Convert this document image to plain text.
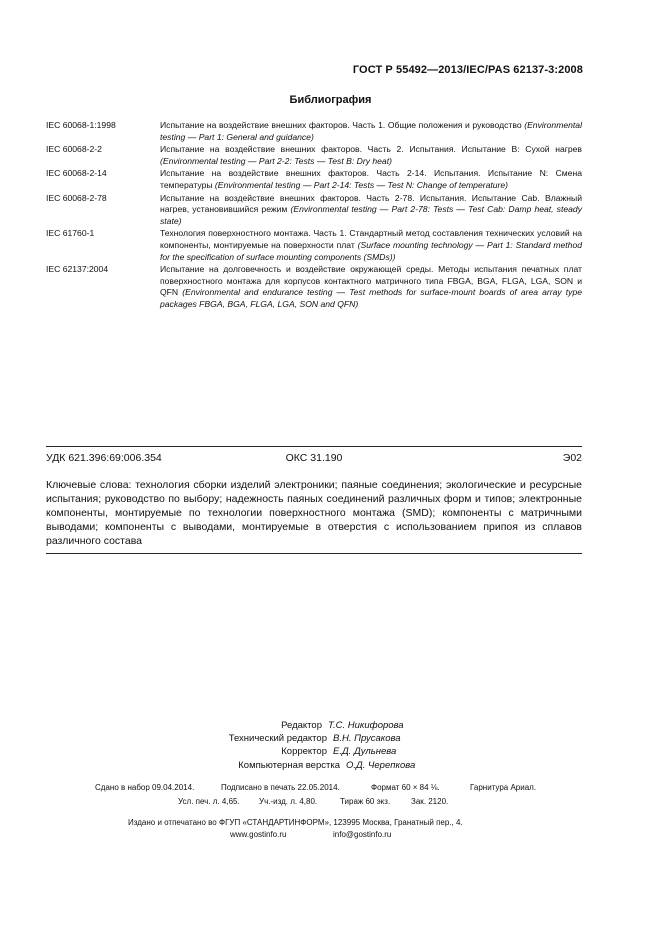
ГОСТ Р 55492—2013/IEC/PAS 62137-3:2008
Библиография
IEC 60068-1:1998	Испытание на воздействие внешних факторов. Часть 1. Общие положения и руководство (Environmental testing — Part 1: General and guidance)
IEC 60068-2-2	Испытание на воздействие внешних факторов. Часть 2. Испытания. Испытание B: Сухой нагрев (Environmental testing — Part 2-2: Tests — Test B: Dry heat)
IEC 60068-2-14	Испытание на воздействие внешних факторов. Часть 2-14. Испытания. Испытание N: Смена температуры (Environmental testing — Part 2-14: Tests — Test N: Change of temperature)
IEC 60068-2-78	Испытание на воздействие внешних факторов. Часть 2-78. Испытания. Испытание Cab. Влажный нагрев, установившийся режим (Environmental testing — Part 2-78: Tests — Test Cab: Damp heat, steady state)
IEC 61760-1	Технология поверхностного монтажа. Часть 1. Стандартный метод составления технических условий на компоненты, монтируемые на поверхности плат (Surface mounting technology — Part 1: Standard method for the specification of surface mounting components (SMDs))
IEC 62137:2004	Испытание на долговечность и воздействие окружающей среды. Методы испытания печатных плат поверхностного монтажа для корпусов контактного матричного типа FBGA, BGA, FLGA, LGA, SON и QFN (Environmental and endurance testing — Test methods for surface-mount boards of area array type packages FBGA, BGA, FLGA, LGA, SON and QFN)
УДК 621.396:69:006.354	ОКС 31.190	Э02
Ключевые слова: технология сборки изделий электроники; паяные соединения; экологические и ресурсные испытания; руководство по выбору; надежность паяных соединений различных форм и типов; электронные компоненты, монтируемые по технологии поверхностного монтажа (SMD); компоненты с матричными выводами; компоненты с выводами, монтируемые в отверстия с использованием припоя из сплавов различного состава
Редактор Т.С. Никифорова
Технический редактор В.Н. Прусакова
Корректор Е.Д. Дульнева
Компьютерная верстка О.Д. Черепкова
Сдано в набор 09.04.2014.	Подписано в печать 22.05.2014.	Формат 60 × 84 ⅛.	Гарнитура Ариал.
Усл. печ. л. 4,65. Уч.-изд. л. 4,80.	Тираж 60 экз.	Зак. 2120.
Издано и отпечатано во ФГУП «СТАНДАРТИНФОРМ», 123995 Москва, Гранатный пер., 4.
www.gostinfo.ru	info@gostinfo.ru
